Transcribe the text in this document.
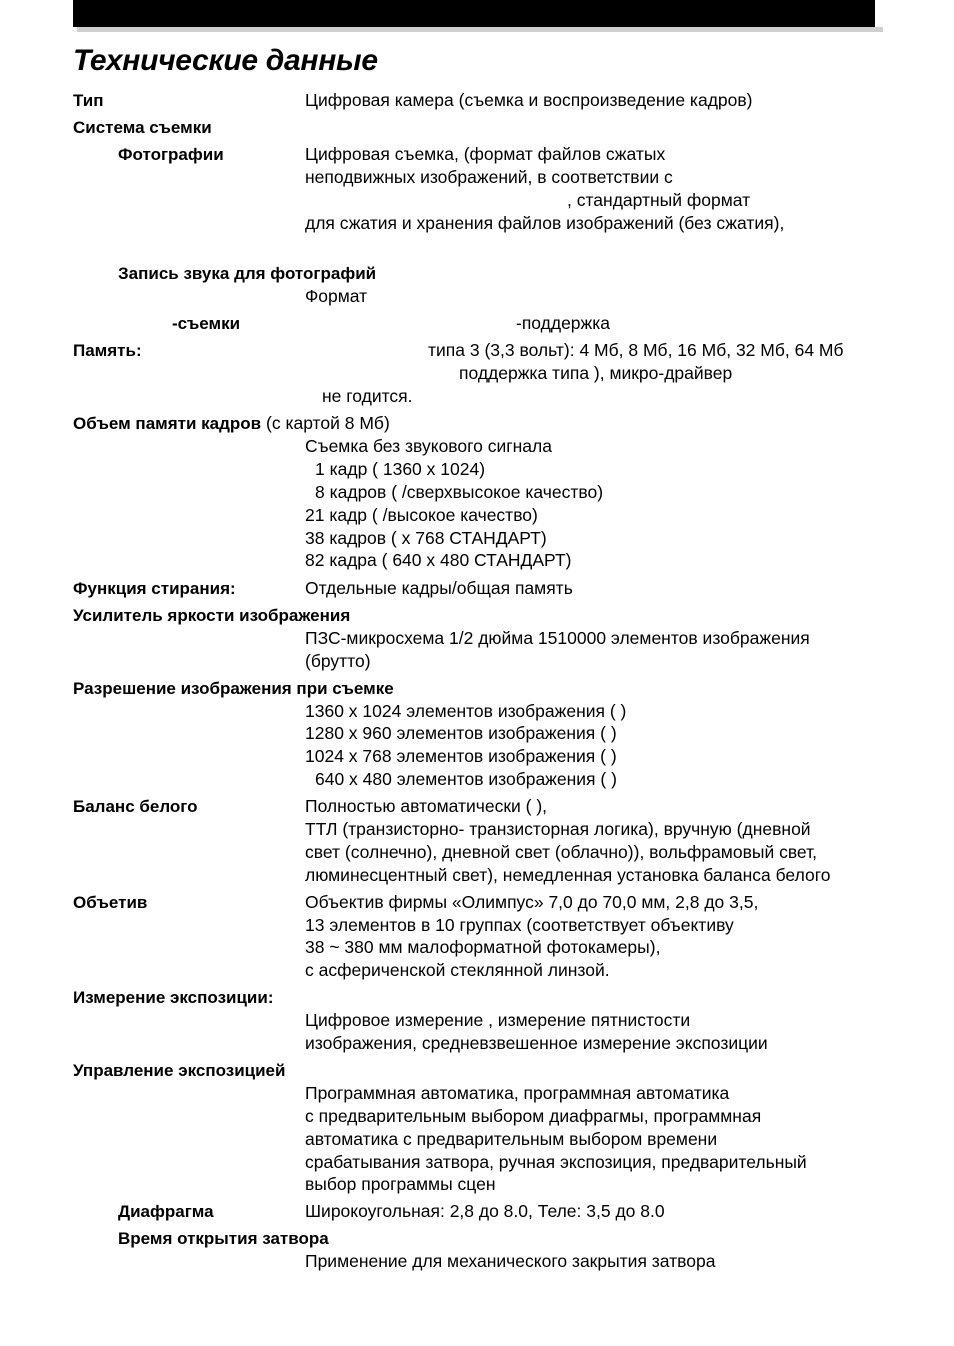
Технические данные
Тип	Цифровая камера (съемка и воспроизведение кадров)
Система съемки
Фотографии	Цифровая съемка, (формат файлов сжатых
неподвижных изображений, в соответствии с
, стандартный формат
для сжатия и хранения файлов изображений (без сжатия),
Запись звука для фотографий
Формат
-съемки	-поддержка
Память:	типа 3 (3,3 вольт): 4 Мб, 8 Мб, 16 Мб, 32 Мб, 64 Мб
поддержка типа ), микро-драйвер
не годится.
Объем памяти кадров (с картой 8 Мб)
Съемка без звукового сигнала
1 кадр ( 1360 x 1024)
8 кадров ( /сверхвысокое качество)
21 кадр ( /высокое качество)
38 кадров ( x 768 СТАНДАРТ)
82 кадра ( 640 x 480 СТАНДАРТ)
Функция стирания:	Отдельные кадры/общая память
Усилитель яркости изображения
ПЗС-микросхема 1/2 дюйма 1510000 элементов изображения
(брутто)
Разрешение изображения при съемке
1360 x 1024 элементов изображения ( )
1280 x 960 элементов изображения ( )
1024 x 768 элементов изображения ( )
640 x 480 элементов изображения ( )
Баланс белого	Полностью автоматически ( ),
ТТЛ (транзисторно- транзисторная логика), вручную (дневной
свет (солнечно), дневной свет (облачно)), вольфрамовый свет,
люминесцентный свет), немедленная установка баланса белого
Объетив	Объектив фирмы «Олимпус» 7,0 до 70,0 мм, 2,8 до 3,5,
13 элементов в 10 группах (соответствует объективу
38 ~ 380 мм малоформатной фотокамеры),
с асфериченской стеклянной линзой.
Измерение экспозиции:
Цифровое измерение , измерение пятнистости
изображения, средневзвешенное измерение экспозиции
Управление экспозицией
Программная автоматика, программная автоматика
с предварительным выбором диафрагмы, программная
автоматика с предварительным выбором времени
срабатывания затвора, ручная экспозиция, предварительный
выбор программы сцен
Диафрагма	Широкоугольная: 2,8 до 8.0, Теле: 3,5 до 8.0
Время открытия затвора
Применение для механического закрытия затвора
